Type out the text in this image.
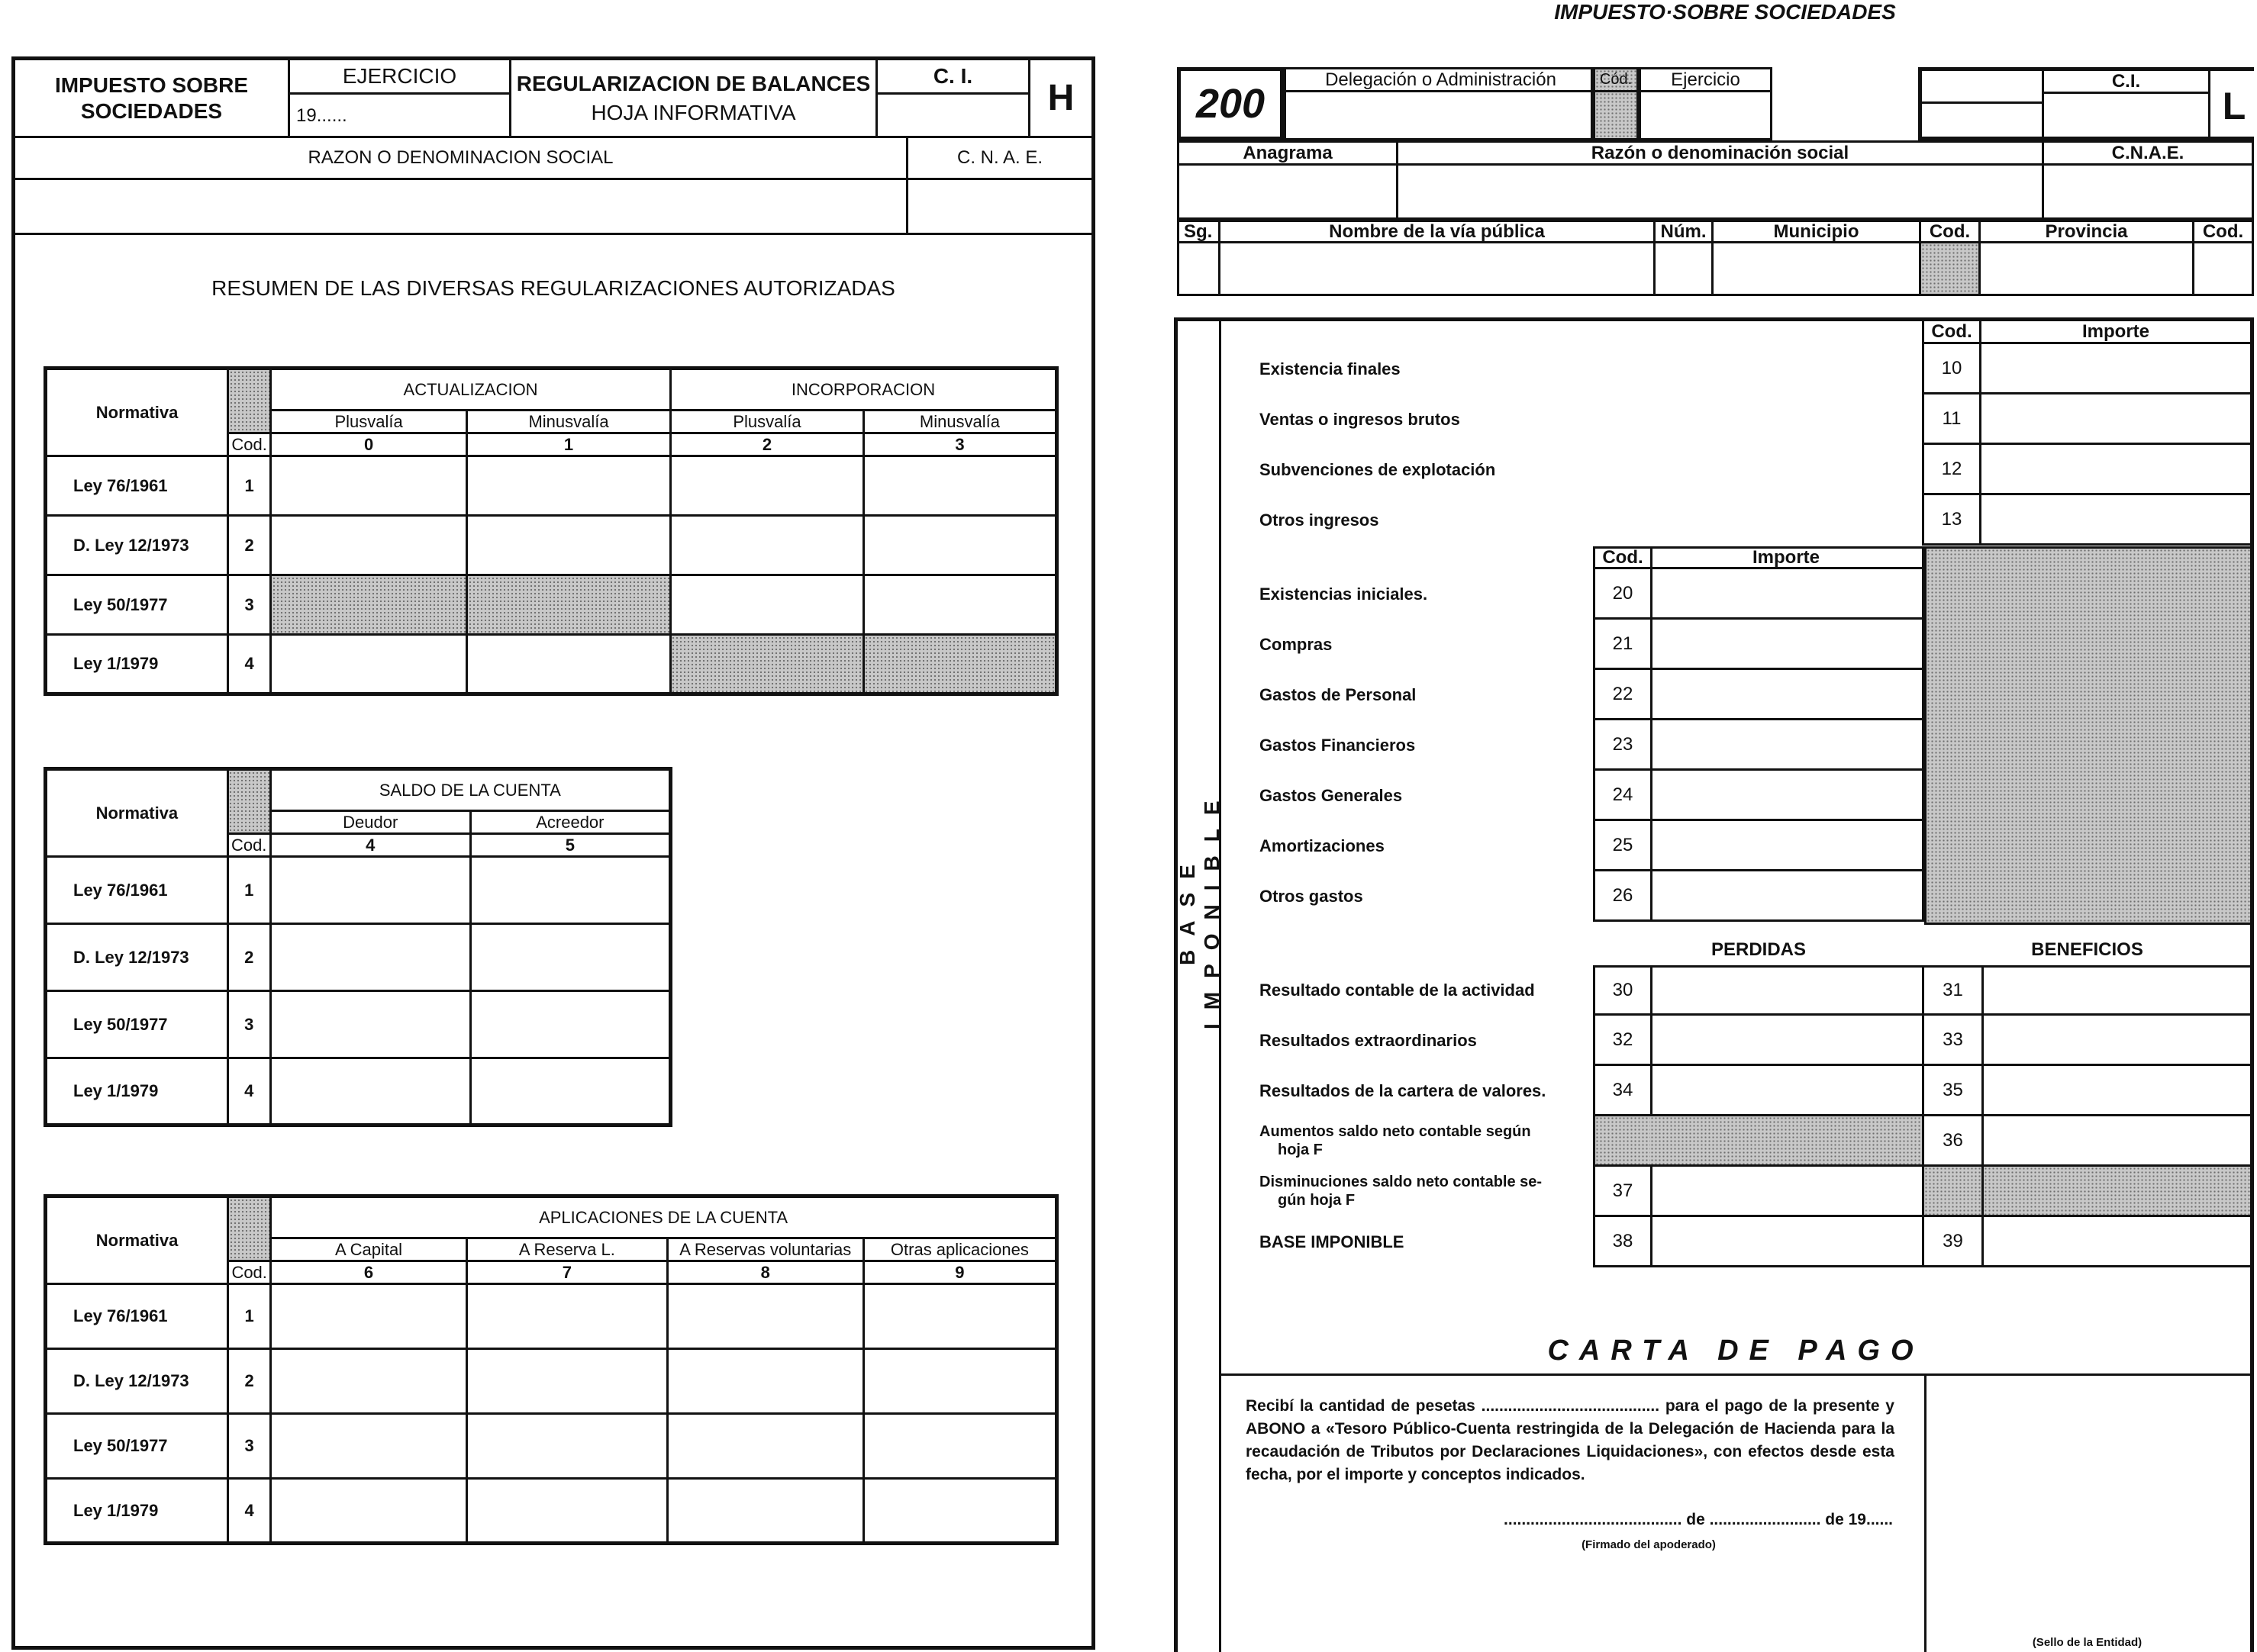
IMPUESTO·SOBRE SOCIEDADES
IMPUESTO SOBRE
SOCIEDADES
EJERCICIO
19......
REGULARIZACION DE BALANCES
HOJA INFORMATIVA
C. I.
H
RAZON O DENOMINACION SOCIAL	C. N. A. E.
RESUMEN DE LAS DIVERSAS REGULARIZACIONES AUTORIZADAS
Normativa		ACTUALIZACION		INCORPORACION	
		Plusvalía	Minusvalía	Plusvalía	Minusvalía
	Cod.	0	1	2	3
Ley 76/1961	1				
D. Ley 12/1973	2				
Ley 50/1977	3				
Ley 1/1979	4				
Normativa		SALDO DE LA CUENTA	
		Deudor	Acreedor
	Cod.	4	5
Ley 76/1961	1		
D. Ley 12/1973	2		
Ley 50/1977	3		
Ley 1/1979	4		
Normativa		APLICACIONES DE LA CUENTA			
		A Capital	A Reserva L.	A Reservas voluntarias	Otras aplicaciones
	Cod.	6	7	8	9
Ley 76/1961	1				
D. Ley 12/1973	2				
Ley 50/1977	3				
Ley 1/1979	4				
200
Delegación o Administración	Cód.	Ejercicio	C.I.
L
Anagrama	Razón o denominación social	C.N.A.E.
Sg.	Nombre de la vía pública	Núm.	Municipio	Cod.	Provincia	Cod.
BASE IMPONIBLE
Cod.	Importe
Existencia finales	10
Ventas o ingresos brutos	11
Subvenciones de explotación	12
Otros ingresos	13
Cod.	Importe
Existencias iniciales.	20
Compras	21
Gastos de Personal	22
Gastos Financieros	23
Gastos Generales	24
Amortizaciones	25
Otros gastos	26
PERDIDAS	BENEFICIOS
Resultado contable de la actividad	30	31
Resultados extraordinarios	32	33
Resultados de la cartera de valores.	34	35
Aumentos saldo neto contable según
hoja F	36
Disminuciones saldo neto contable se-
gún hoja F	37
BASE IMPONIBLE	38	39
CARTA DE PAGO
Recibí la cantidad de pesetas ........................................ para el pago de la presente y ABONO a «Tesoro Público-Cuenta restringida de la Delegación de Hacienda para la recaudación de Tributos por Declaraciones Liquidaciones», con efectos desde esta fecha, por el importe y conceptos indicados.
........................................ de ......................... de 19......
(Firmado del apoderado)
(Sello de la Entidad)
